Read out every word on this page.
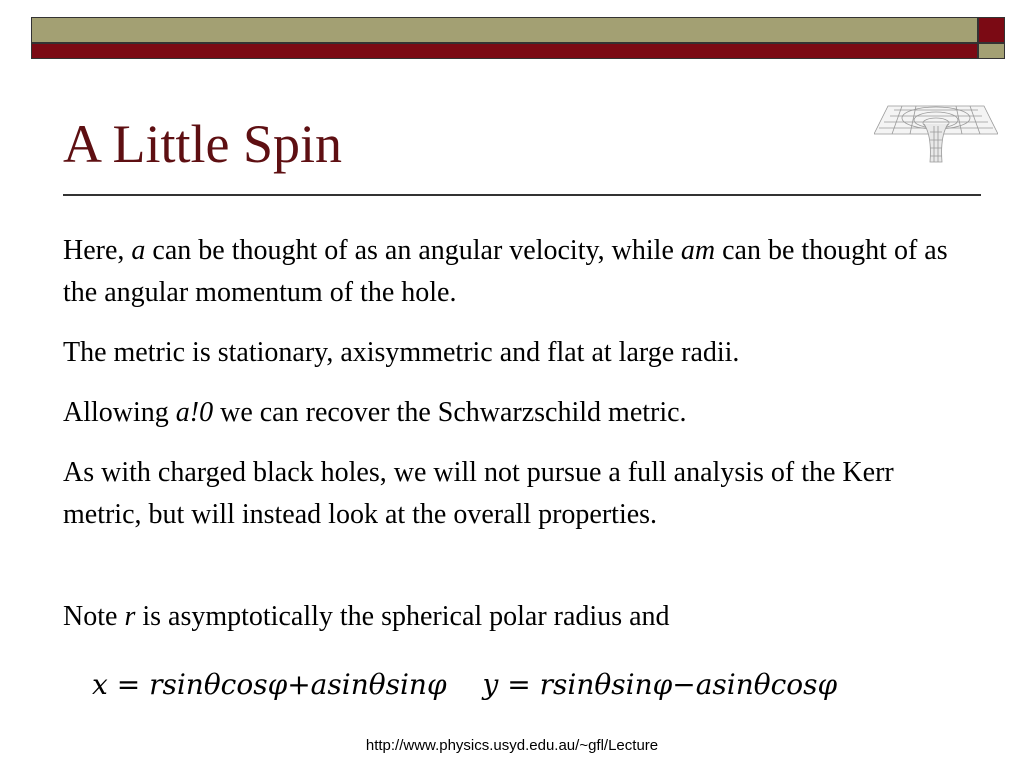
A Little Spin

Here, a can be thought of as an angular velocity, while am can be thought of as the angular momentum of the hole.

The metric is stationary, axisymmetric and flat at large radii.

Allowing a!0 we can recover the Schwarzschild metric.

As with charged black holes, we will not pursue a full analysis of the Kerr metric, but will instead look at the overall properties.

Note r is asymptotically the spherical polar radius and

x = rsinθcosφ+asinθsinφ y = rsinθsinφ−asinθcosφ
http://www.physics.usyd.edu.au/~gfl/Lecture
